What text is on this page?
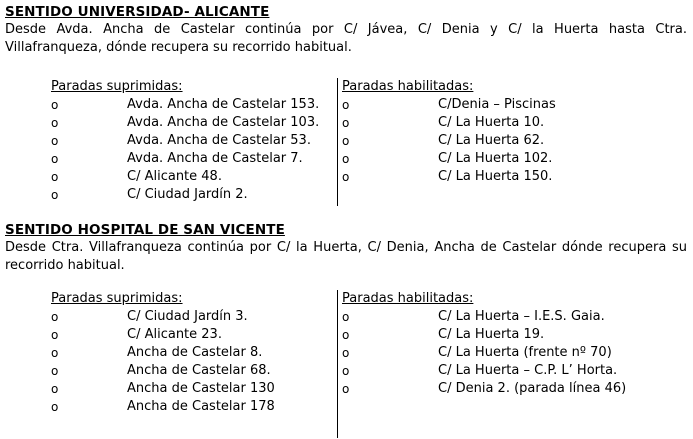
SENTIDO UNIVERSIDAD- ALICANTE
Desde Avda. Ancha de Castelar continúa por C/ Jávea, C/ Denia y C/ la Huerta hasta Ctra. Villafranqueza, dónde recupera su recorrido habitual.
Paradas suprimidas:
o	Avda. Ancha de Castelar 153.
o	Avda. Ancha de Castelar 103.
o	Avda. Ancha de Castelar 53.
o	Avda. Ancha de Castelar 7.
o	C/ Alicante 48.
o	C/ Ciudad Jardín 2.
Paradas habilitadas:
o	C/Denia – Piscinas
o	C/ La Huerta 10.
o	C/ La Huerta 62.
o	C/ La Huerta 102.
o	C/ La Huerta 150.
SENTIDO HOSPITAL DE SAN VICENTE
Desde Ctra. Villafranqueza continúa por C/ la Huerta, C/ Denia, Ancha de Castelar dónde recupera su recorrido habitual.
Paradas suprimidas:
o	C/ Ciudad Jardín 3.
o	C/ Alicante 23.
o	Ancha de Castelar 8.
o	Ancha de Castelar 68.
o	Ancha de Castelar 130
o	Ancha de Castelar 178
Paradas habilitadas:
o	C/ La Huerta – I.E.S. Gaia.
o	C/ La Huerta 19.
o	C/ La Huerta (frente nº 70)
o	C/ La Huerta – C.P. L’ Horta.
o	C/ Denia 2. (parada línea 46)
